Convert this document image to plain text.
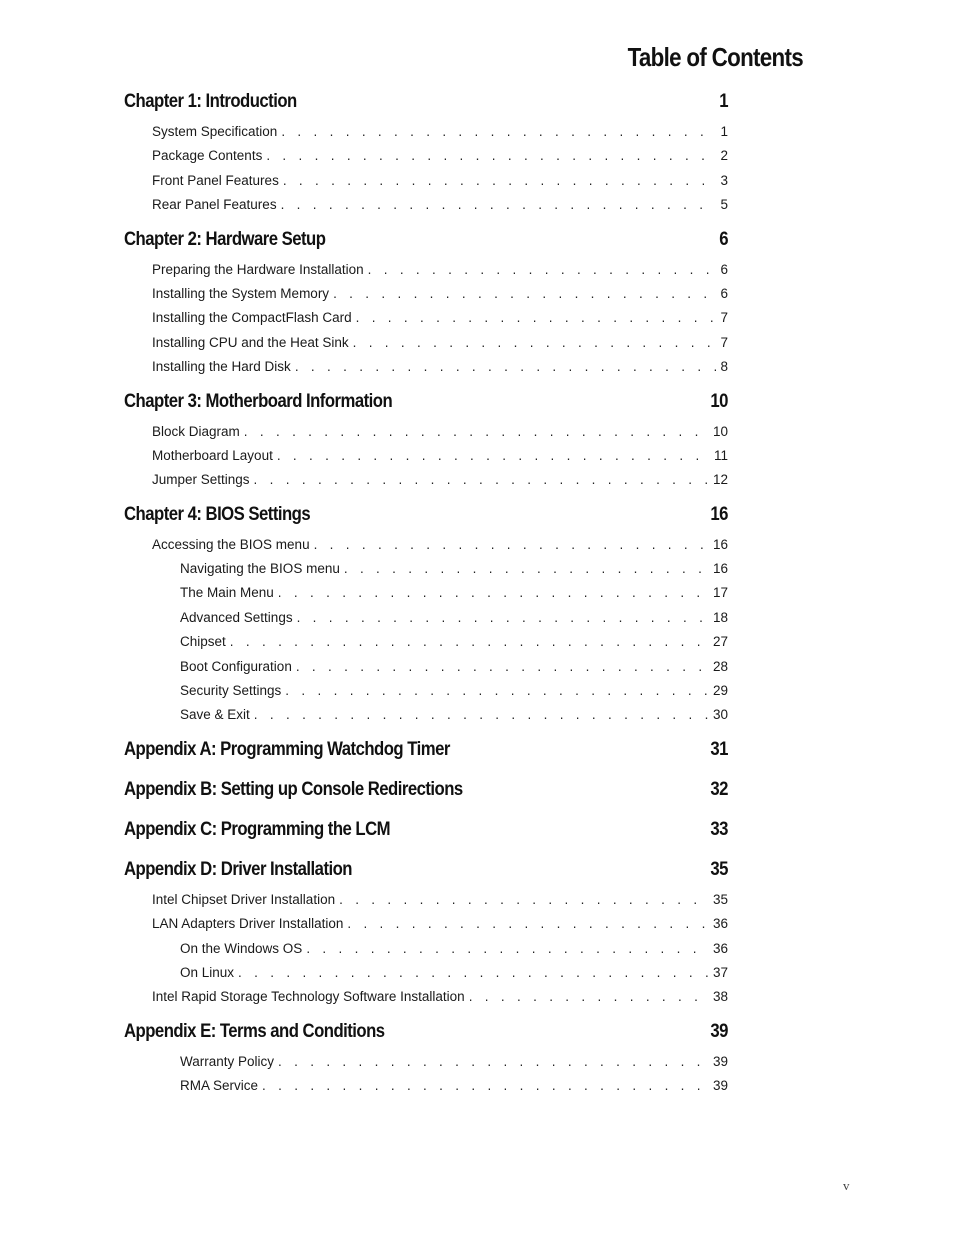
Table of Contents
Chapter 1: Introduction	1
System Specification . . .	1
Package Contents . . .	2
Front Panel Features . . .	3
Rear Panel Features . . .	5
Chapter 2: Hardware Setup	6
Preparing the Hardware Installation . . .	6
Installing the System Memory . . .	6
Installing the CompactFlash Card . . .	7
Installing CPU and the Heat Sink . . .	7
Installing the Hard Disk . . .	8
Chapter 3: Motherboard Information	10
Block Diagram . . .	10
Motherboard Layout . . .	11
Jumper Settings . . .	12
Chapter 4: BIOS Settings	16
Accessing the BIOS menu . . .	16
Navigating the BIOS menu . . .	16
The Main Menu . . .	17
Advanced Settings . . .	18
Chipset . . .	27
Boot Configuration . . .	28
Security Settings . . .	29
Save & Exit . . .	30
Appendix A: Programming Watchdog Timer	31
Appendix B: Setting up Console Redirections	32
Appendix C: Programming the LCM	33
Appendix D: Driver Installation	35
Intel Chipset Driver Installation . . .	35
LAN Adapters Driver Installation . . .	36
On the Windows OS . . .	36
On Linux . . .	37
Intel Rapid Storage Technology Software Installation . . .	38
Appendix E: Terms and Conditions	39
Warranty Policy . . .	39
RMA Service . . .	39
v
